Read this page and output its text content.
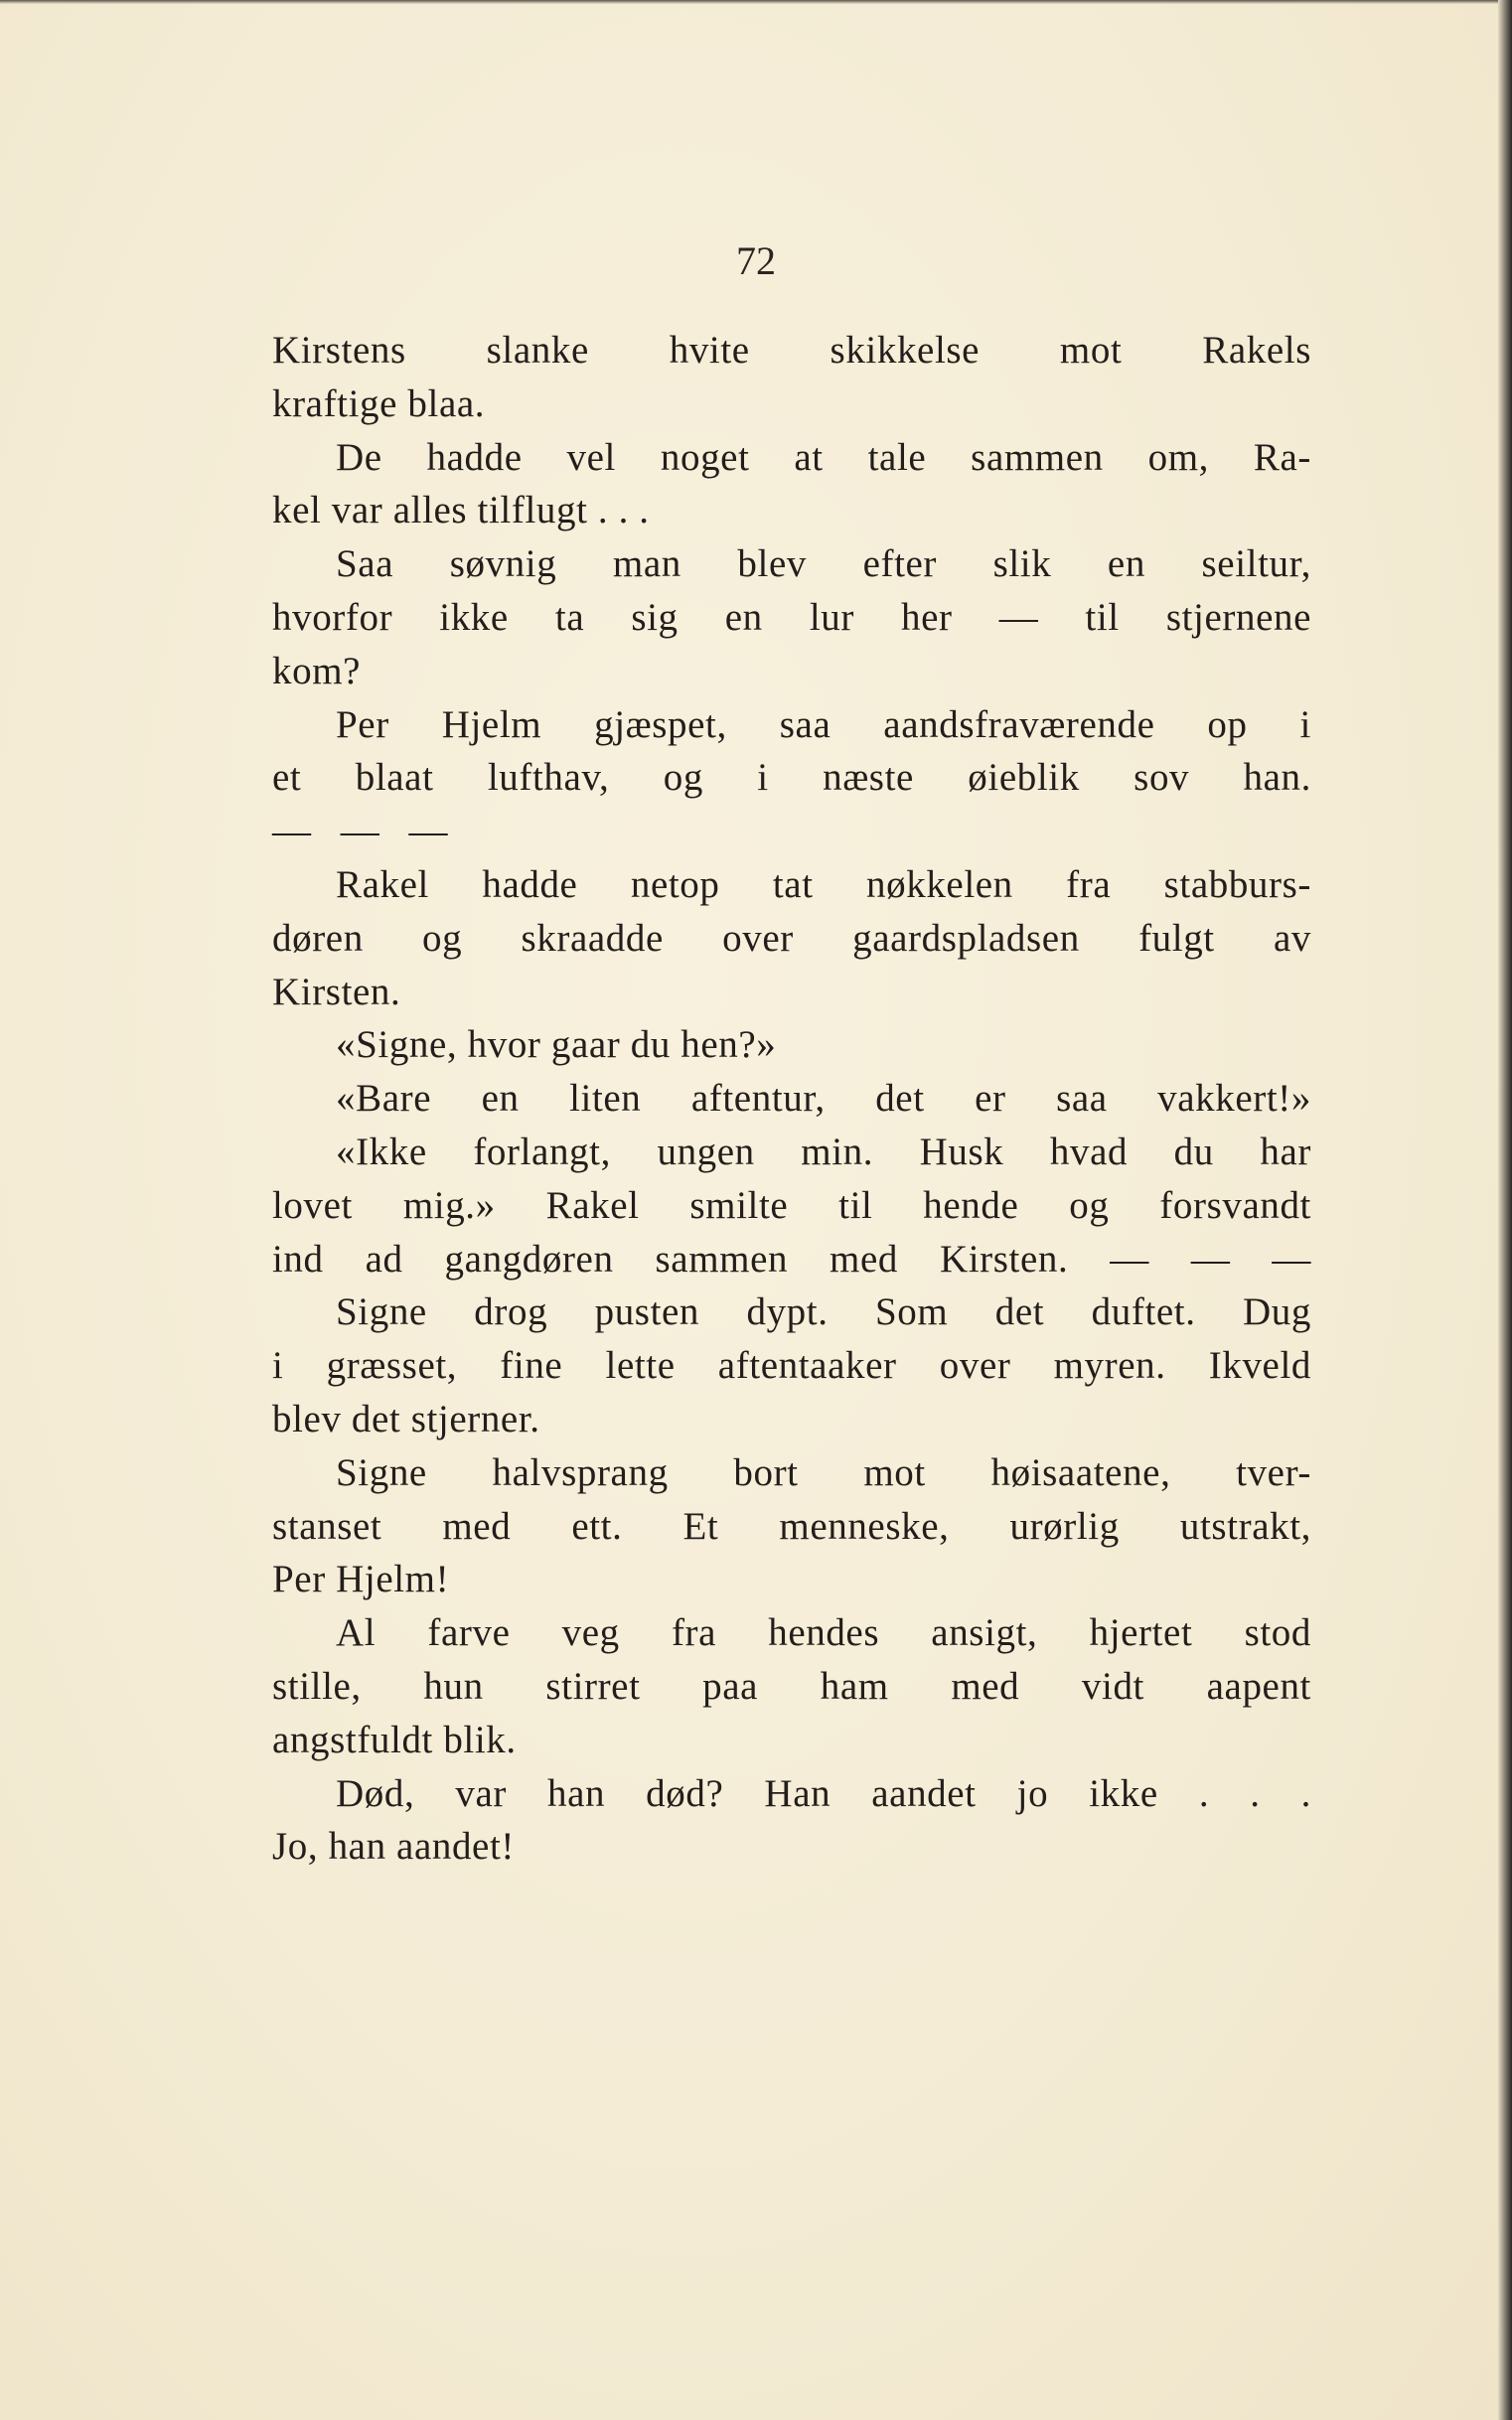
72
Kirstens slanke hvite skikkelse mot Rakels
kraftige blaa.
De hadde vel noget at tale sammen om, Ra-
kel var alles tilflugt . . .
Saa søvnig man blev efter slik en seiltur,
hvorfor ikke ta sig en lur her — til stjernene
kom?
Per Hjelm gjæspet, saa aandsfraværende op i
et blaat lufthav, og i næste øieblik sov han.
— — —
Rakel hadde netop tat nøkkelen fra stabburs-
døren og skraadde over gaardspladsen fulgt av
Kirsten.
«Signe, hvor gaar du hen?»
«Bare en liten aftentur, det er saa vakkert!»
«Ikke forlangt, ungen min. Husk hvad du har
lovet mig.» Rakel smilte til hende og forsvandt
ind ad gangdøren sammen med Kirsten. — — —
Signe drog pusten dypt. Som det duftet. Dug
i græsset, fine lette aftentaaker over myren. Ikveld
blev det stjerner.
Signe halvsprang bort mot høisaatene, tver-
stanset med ett. Et menneske, urørlig utstrakt,
Per Hjelm!
Al farve veg fra hendes ansigt, hjertet stod
stille, hun stirret paa ham med vidt aapent
angstfuldt blik.
Død, var han død? Han aandet jo ikke . . .
Jo, han aandet!
